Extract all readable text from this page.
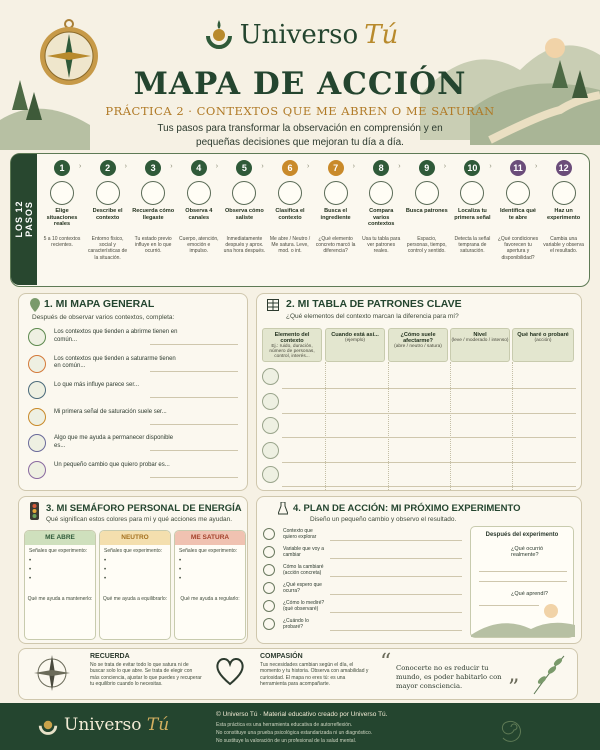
Universo Tú
MAPA DE ACCIÓN
PRÁCTICA 2 · CONTEXTOS QUE ME ABREN O ME SATURAN
Tus pasos para transformar la observación en comprensión y en pequeñas decisiones que mejoran tu día a día.
LOS 12 PASOS
1
Elige situaciones reales
5 a 10 contextos recientes.
›	2
Describe el contexto
Entorno físico, social y características de la situación.
›	3
Recuerda cómo llegaste
Tu estado previo influye en lo que ocurrió.
›	4
Observa 4 canales
Cuerpo, atención, emoción e impulso.
›	5
Observa cómo saliste
Inmediatamente después y aprox. una hora después.
›	6
Clasifica el contexto
Me abre / Neutro / Me satura. Leve, mod. o int.
›	7
Busca el ingrediente
¿Qué elemento concreto marcó la diferencia?
›	8
Compara varios contextos
Usa tu tabla para ver patrones reales.
›	9
Busca patrones
Espacio, personas, tiempo, control y sentido.
›	10
Localiza tu primera señal
Detecta la señal temprana de saturación.
›	11
Identifica qué te abre
¿Qué condiciones favorecen tu apertura y disponibilidad?
›	12
Haz un experimento
Cambia una variable y observa el resultado.
1. MI MAPA GENERAL
Después de observar varios contextos, completa:
Los contextos que tienden a abrirme tienen en común...
Los contextos que tienden a saturarme tienen en común...
Lo que más influye parece ser...
Mi primera señal de saturación suele ser...
Algo que me ayuda a permanecer disponible es...
Un pequeño cambio que quiero probar es...
2. MI TABLA DE PATRONES CLAVE
¿Qué elementos del contexto marcan la diferencia para mí?
Elemento del contexto
Ej.: ruido, duración, número de personas, control, interés...
Cuando está así...
(ejemplo)
¿Cómo suele afectarme?
(abre / neutro / satura)
Nivel
(leve / moderado / intenso)
Qué haré o probaré
(acción)
3. MI SEMÁFORO PERSONAL DE ENERGÍA
Qué significan estos colores para mí y qué acciones me ayudan.
ME ABRE
Señales que experimento:
•
•
•
Qué me ayuda a mantenerlo:
NEUTRO
Señales que experimento:
•
•
•
Qué me ayuda a equilibrarlo:
ME SATURA
Señales que experimento:
•
•
•
Qué me ayuda a regularlo:
4. PLAN DE ACCIÓN: MI PRÓXIMO EXPERIMENTO
Diseño un pequeño cambio y observo el resultado.
Contexto que quiero explorar
Variable que voy a cambiar
Cómo la cambiaré (acción concreta)
¿Qué espero que ocurra?
¿Cómo lo mediré? (qué observaré)
¿Cuándo lo probaré?
Después del experimento
¿Qué ocurrió realmente?
¿Qué aprendí?
RECUERDA
No se trata de evitar todo lo que satura ni de buscar solo lo que abre. Se trata de elegir con más conciencia, ajustar lo que puedes y recuperar tu equilibrio cuando lo necesitas.
COMPASIÓN
Tus necesidades cambian según el día, el momento y tu historia. Observa con amabilidad y curiosidad. El mapa no eres tú: es una herramienta para acompañarte.
“ Conocerte no es reducir tu mundo, es poder habitarlo con mayor consciencia.	”
Universo Tú
© Universo Tú · Material educativo creado por Universo Tú.
Esta práctica es una herramienta educativa de autorreflexión.
No constituye una prueba psicológica estandarizada ni un diagnóstico.
No sustituye la valoración de un profesional de la salud mental.
